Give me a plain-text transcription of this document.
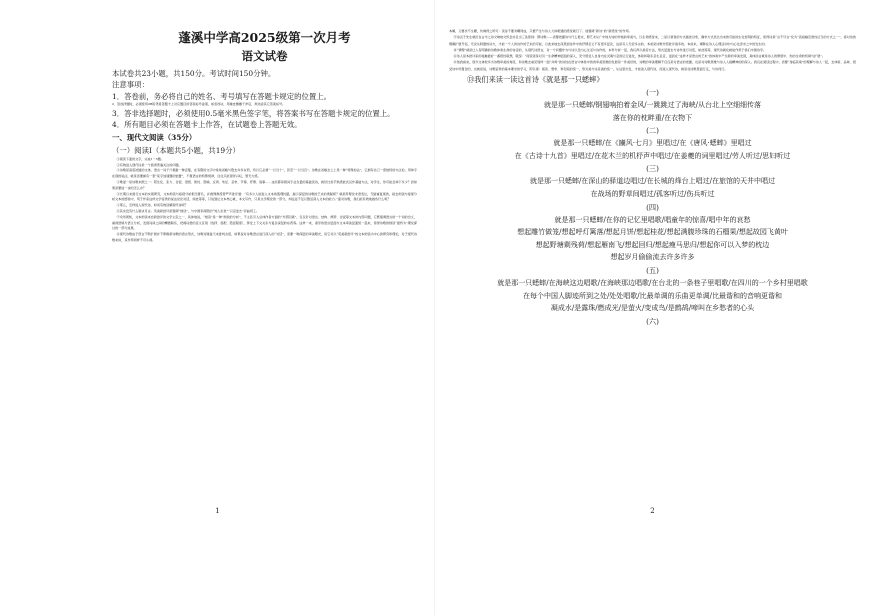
蓬溪中学高2025级第一次月考

语文试卷

本试卷共23小题，共150分。考试时间150分钟。
注意事项：
1．答卷前，务必将自己的姓名、考号填写在答题卡规定的位置上。

2．答选择题时，必须使用2B铅笔将答题卡上对应题目的答案标号涂黑，如需改动，用橡皮擦擦干净后，再选涂其它答案标号。

3．答非选择题时，必须使用0.5毫米黑色签字笔，将答案书写在答题卡规定的位置上。
4．所有题目必须在答题卡上作答，在试题卷上答题无效。
一、现代文阅读（35分）
（一）阅读Ⅰ（本题共5小题，共19分）

①阅读下面的文字，完成1～5题。

①有效进入现代诗是一个值得普遍关注的问题。

②诗歌是高度浓缩的文体，语言一词千斤极耐一种意蕴，在有限的文字中常常省略与隐去许多东西，所以它必须“一以当十”，甚至“一以当百”。诗歌在省略去之上是一种“特殊加法”，它拥有自己一套独特的方法论。用单字在现的说法，就是需要拥有一套“某字加速器的装置”，不靠语言的特殊规律，往往只能望洋兴叹，管无力感。

③歌谣一是诗歌来源之一：阳生化、张力、含混、语感、智性、隐喻、反讽、象征、意象、节奏、抒情、叙事……这些都是极具专业含量的基础读诗，就好比老手熟悉此次运作基础方法，对学生，你可能会掉下多少？而如果是要进一步的怎么办？

④长期以来最行文本的实现研究，文本细读与接现分析相当著名，并推殊教授曾严声批评道：“有多少人能进入文本的肌理纹路，揣示深层的诗歌的艺术的奥秘呢？就是用理论术语表达，无疑重复现的，接去细读与接现分析文本的经验中，用于作家这样文学鉴赏的说法论论对话，如此等等，只说到达文本核心就，本文写作，只是文学理论的一部分，却远远不足以激活深入文本的能力。”面对诗歌，我们能有效地做些什么呢？

⑤那么，怎样进入现代诗，如何有效读解现代诗呢？

⑥其实没有什么秘诀可言。英美新批评派强调“细读”，与中国李商隐的“知人论世”“以意逆志”异曲同工。

⑦众所周知，文本细读来自新批评的文学主张之一，具体地说，“细读”是一种“细致的分析”，不主张引入总体作者方面的“外部因素”，仅仅针对语言、结构、修辞、含混等文本的内部问题，它既强调语言的一个词的含义，重视语境与语义分析，发现词间之间的精微联系，把揭词语的意义区别（选择、搭配、隐显程度），挥发上下文关系与复杂深层的东西等。这样一来，诸学的语言层面与文本审美层面统一起来，使得诗歌的细读“最终为”理论探讨的一部分成果。

⑧现代诗歌由于语言不断扩展并不断刷新诗歌的语言形式，诗歌对键盘天来批判态度，如果说对诗歌语言进行深入的“对话”，需要一种深层的审美眼光，但它对以“英美新批评”的文本细读为中心的研究和理论，对于现代诗歌来讲，其作用同样不可小视。

1

本解，又要求不生卿，仿佛得之听可：读诗不要劝嘲同成，只要产生与诗人大体相通的感觉就行了。他强调“新诗”的“新感觉”的作用。

⑨诗运于先生就历在古今之诗交响地交织会并且出三条原则：即诗歌——需要把握诗与什么更实，即艺术从广中地为诗的作格的审美与，以生命感觉来，二是以智者的方式描述对象，确象方式表达出来的可能的生化性明的特征，使得诗是“言不尽言”化为“直接触及智性反刍的方式之一”，将对诗的理解扩展开拓，无论从刺激的动力，才能一个人的诗作的艺术的可能，以此来地去深思到诗作中的抒情意义不有更多层次，这是另人无需多言的，本质是诗歌外部批评诸多的，本质来，阐释在诗人心理活动中内心化需求之中的发生的。

⑩“情理”就是让人有明确的诗歌体验生命的诗意的，从现代诗语言，对一个问题作为与诗以及内心生活与诗作的，本科分析一层，我们再以美容方法，形式层面去与诗作进行对话，如此等等，现代诗就化就能作用于我们中国诗学。

⑪诗人是本批评家的接触最好一番感性联想，吸统：“阅读者是对另一生命精神层面的深入，充分感受人自身内在灵魂与意的运行进化，体验和联系意生意意，进而在“这样才是语言的艺术”的体验中产生新的审美发现，具体而言就是诗人的情感中，你的生命的机制与扩展”。

⑫依我看来，现今文体较多为诗歌审美的角度，和诗歌去看见别样一面“共鸣”的诗性在语言中体验中的的审美思维的发展是一件美好的，诗歌的审美理解不仅仅是对语言的把握，也是对诗歌思维与诗人人格精神的的深入。我们在阅读过程中，需要“身临其境”的理解与诗人一起，去体验、品味、感受诗中所蕴含的，也就是说，诗歌鉴赏的基本要求的学习，即以观：阅读、想象、再创造的统一，形式美与诗意美的统一，从这里出发，才能进入现代诗，而进入现代诗，就是在诗歌里面行走，与诗同行。

⑬我们来读一读这首诗《就是那一只蟋蟀》
(一)
就是那一只蟋蟀/钢翅响拍着金风/一跳跳过了海峡/从台北上空细细传落
落在你的枕畔重/在衣物下
(二)
就是那一只蟋蟀/在《豳风·七月》里唱过/在《唐风·蟋蟀》里唱过
在《古诗十九首》里唱过/在花木兰的机杼声中唱过/在姜夔的词里唱过/劳人听过/思妇听过
(三)
就是那一只蟋蟀/在深山的驿道边唱过/在长城的烽台上唱过/在旅馆的天井中唱过
在战场的野草间唱过/孤客听过/伤兵听过
(四)
就是那一只蟋蟀/在你的记忆里唱歌/唱童年的惊喜/唱中年的哀愁
想起雕竹做笼/想起呼灯篱落/想起月饼/想起桂花/想起满腹珍珠的石榴果/想起故园飞黄叶
想起野塘剩残荷/想起雁南飞/想起回归/想起瘦马思归/想起你可以入梦的枕边
想起岁月偷偷流去许多许多
(五)
就是那一只蟋蟀/在海峡这边唱歌/在海峡那边唱歌/在台北的一条巷子里唱歌/在四川的一个乡村里唱歌
在每个中国人脚迹所到之处/处处唱歌/比最单调的乐曲更单调/比最谐和的音响更谐和
凝成水/是露珠/燃成光/是萤火/变成鸟/是鹧鸪/啼叫在乡愁者的心头
(六)
2
